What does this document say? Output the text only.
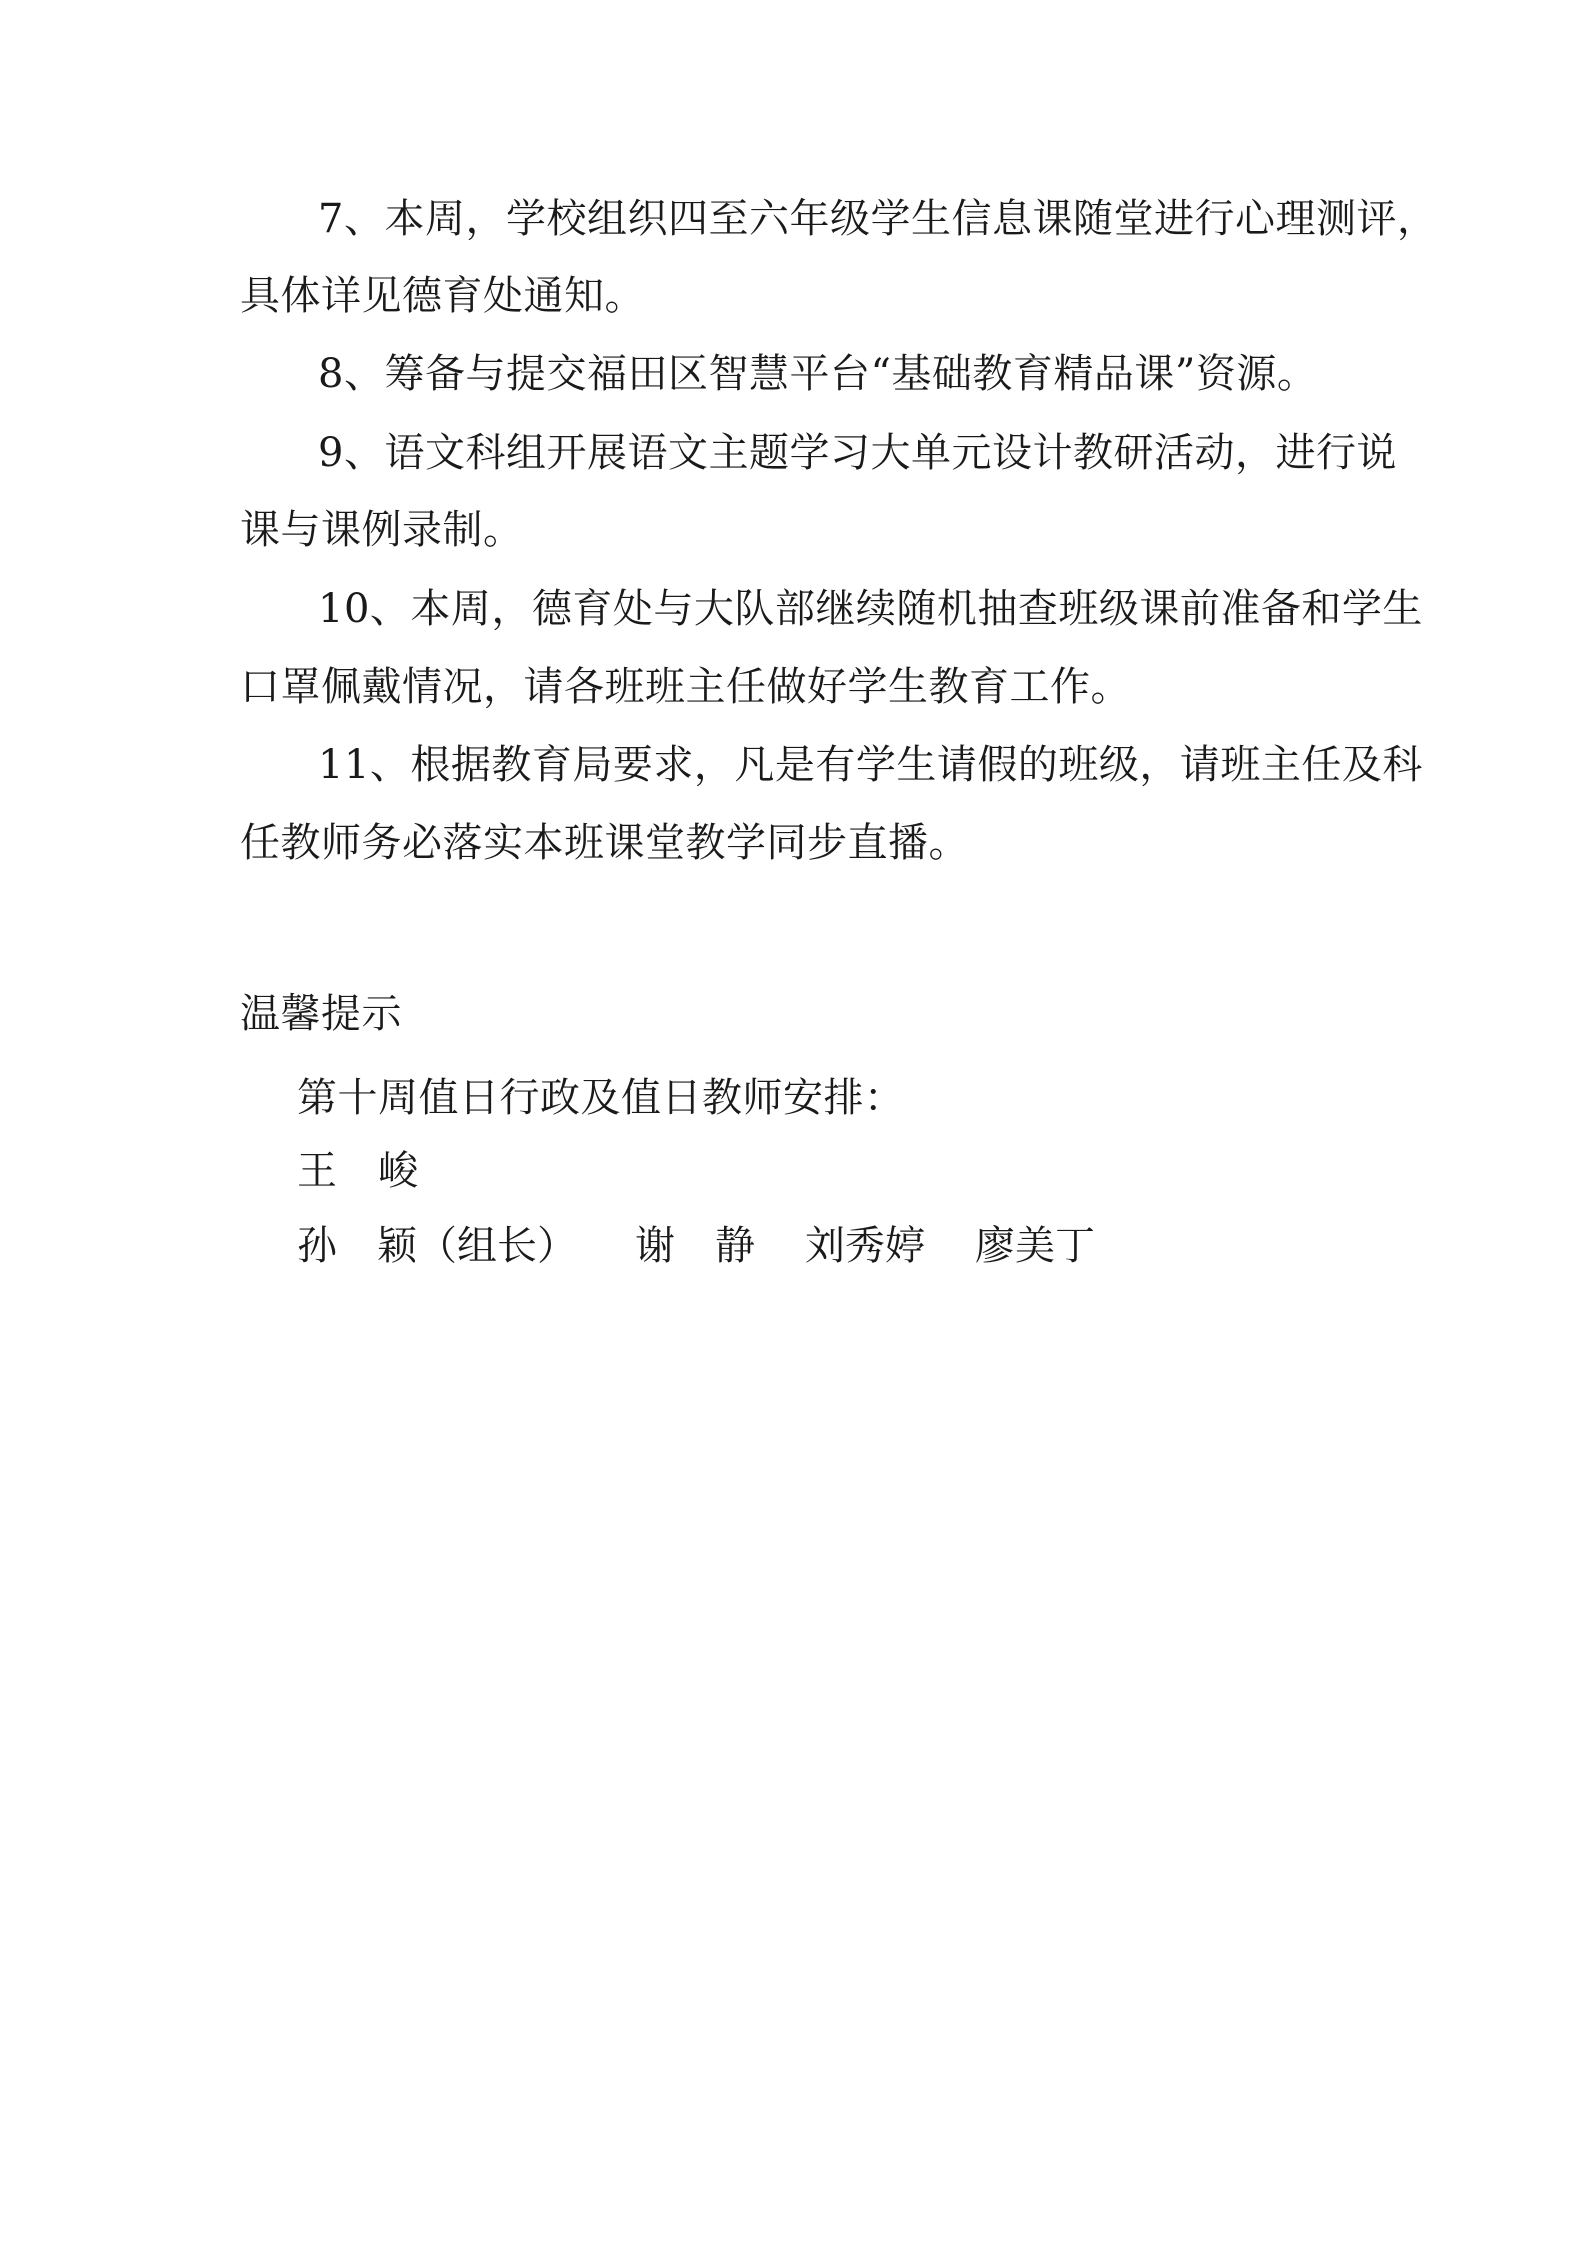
7、本周，学校组织四至六年级学生信息课随堂进行心理测评，
具体详见德育处通知。
8、筹备与提交福田区智慧平台“基础教育精品课”资源。
9、语文科组开展语文主题学习大单元设计教研活动，进行说
课与课例录制。
10、本周，德育处与大队部继续随机抽查班级课前准备和学生
口罩佩戴情况，请各班班主任做好学生教育工作。
11、根据教育局要求，凡是有学生请假的班级，请班主任及科
任教师务必落实本班课堂教学同步直播。
温馨提示
第十周值日行政及值日教师安排：
王　峻
孙　颖（组长） 谢　静 刘秀婷 廖美丁
